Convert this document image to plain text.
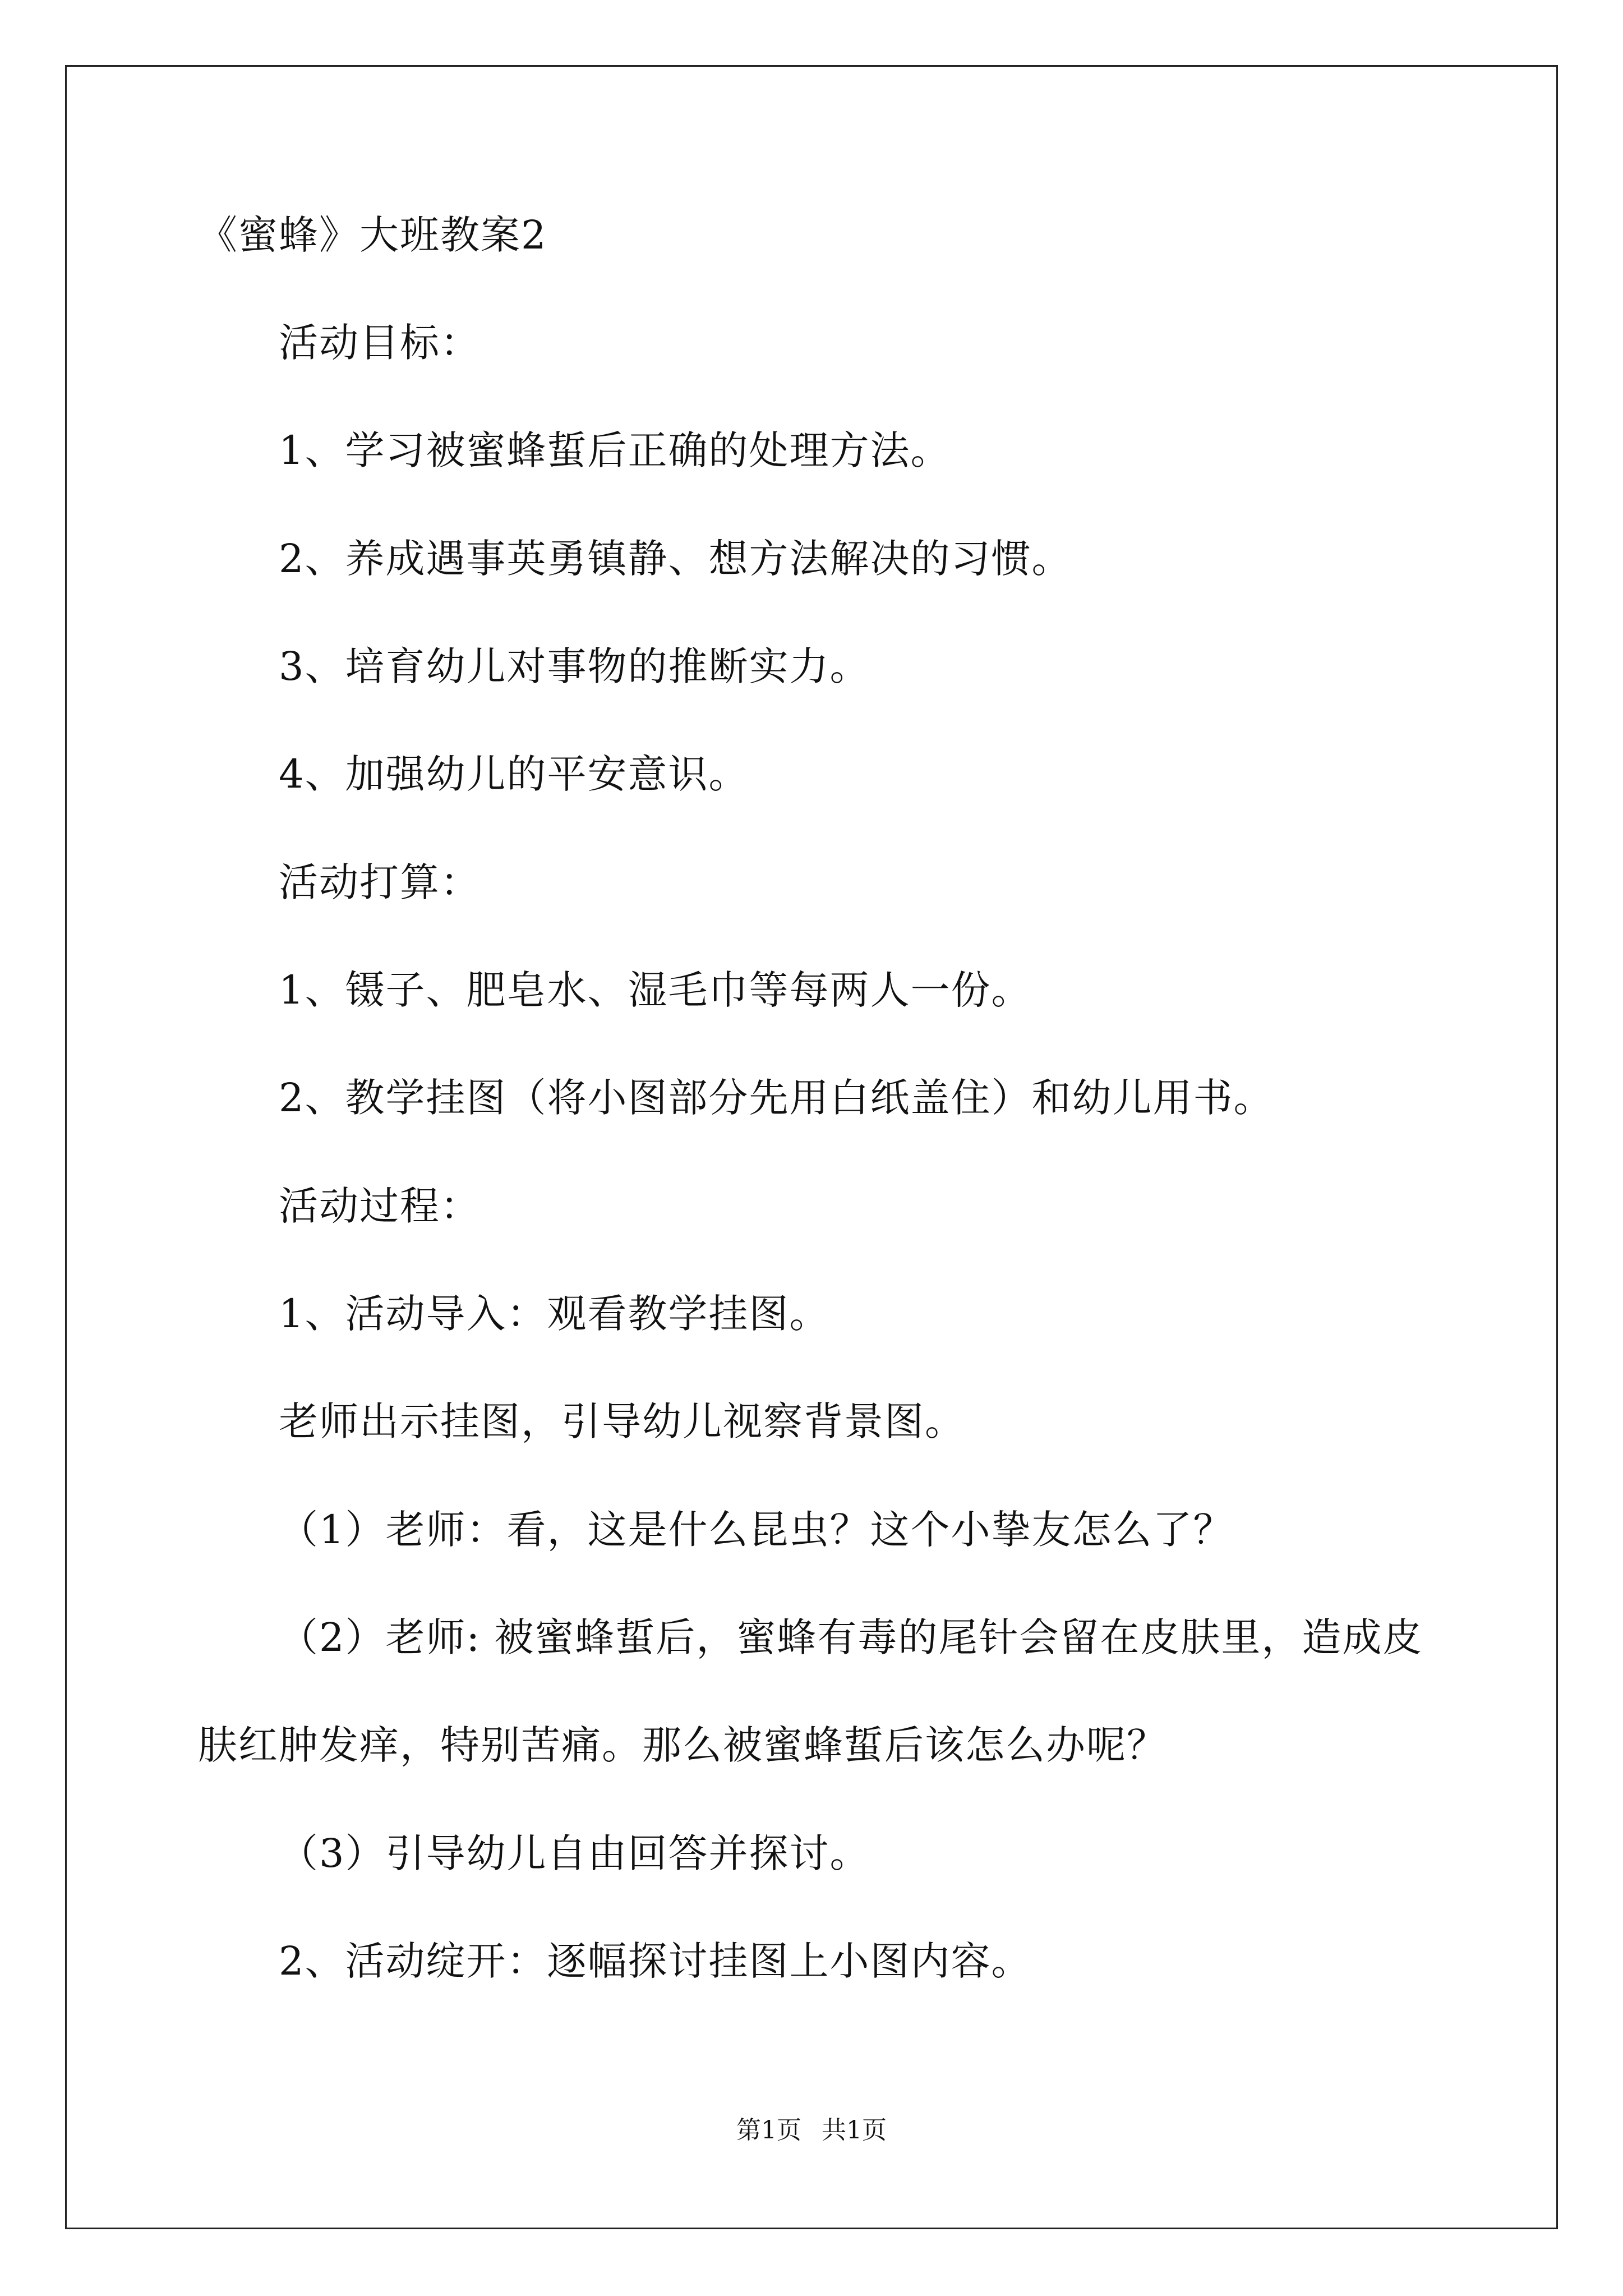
《蜜蜂》大班教案2
活动目标：
1、学习被蜜蜂蜇后正确的处理方法。
2、养成遇事英勇镇静、想方法解决的习惯。
3、培育幼儿对事物的推断实力。
4、加强幼儿的平安意识。
活动打算：
1、镊子、肥皂水、湿毛巾等每两人一份。
2、教学挂图（将小图部分先用白纸盖住）和幼儿用书。
活动过程：
1、活动导入：观看教学挂图。
老师出示挂图，引导幼儿视察背景图。
（1）老师：看，这是什么昆虫？这个小挚友怎么了？
（2）老师: 被蜜蜂蜇后，蜜蜂有毒的尾针会留在皮肤里，造成皮
肤红肿发痒，特别苦痛。那么被蜜蜂蜇后该怎么办呢？
（3）引导幼儿自由回答并探讨。
2、活动绽开：逐幅探讨挂图上小图内容。
第1页 共1页
